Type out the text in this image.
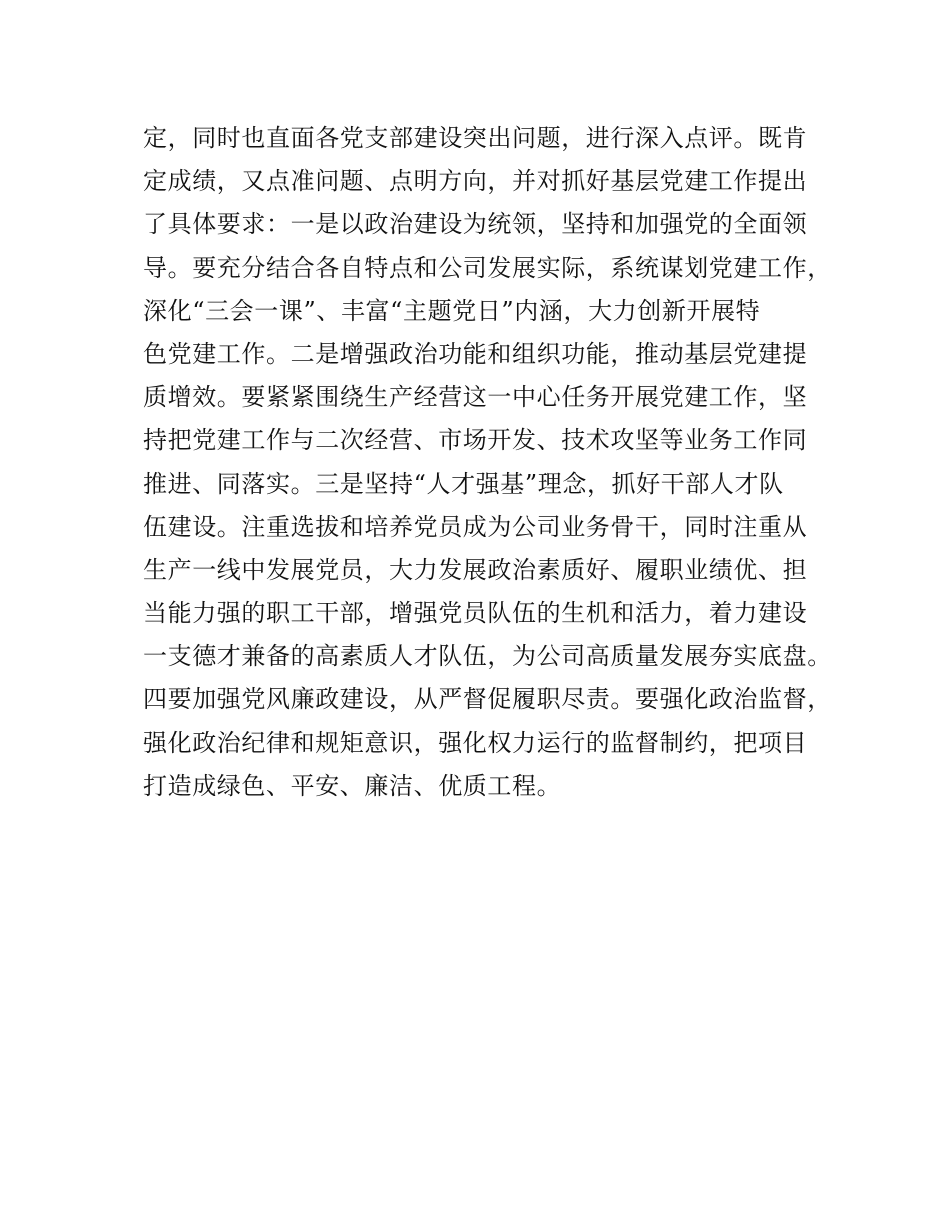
定，同时也直面各党支部建设突出问题，进行深入点评。既肯
定成绩，又点准问题、点明方向，并对抓好基层党建工作提出
了具体要求：一是以政治建设为统领，坚持和加强党的全面领
导。要充分结合各自特点和公司发展实际，系统谋划党建工作，
深化“三会一课”、丰富“主题党日”内涵，大力创新开展特
色党建工作。二是增强政治功能和组织功能，推动基层党建提
质增效。要紧紧围绕生产经营这一中心任务开展党建工作，坚
持把党建工作与二次经营、市场开发、技术攻坚等业务工作同
推进、同落实。三是坚持“人才强基”理念，抓好干部人才队
伍建设。注重选拔和培养党员成为公司业务骨干，同时注重从
生产一线中发展党员，大力发展政治素质好、履职业绩优、担
当能力强的职工干部，增强党员队伍的生机和活力，着力建设
一支德才兼备的高素质人才队伍，为公司高质量发展夯实底盘。
四要加强党风廉政建设，从严督促履职尽责。要强化政治监督，
强化政治纪律和规矩意识，强化权力运行的监督制约，把项目
打造成绿色、平安、廉洁、优质工程。
